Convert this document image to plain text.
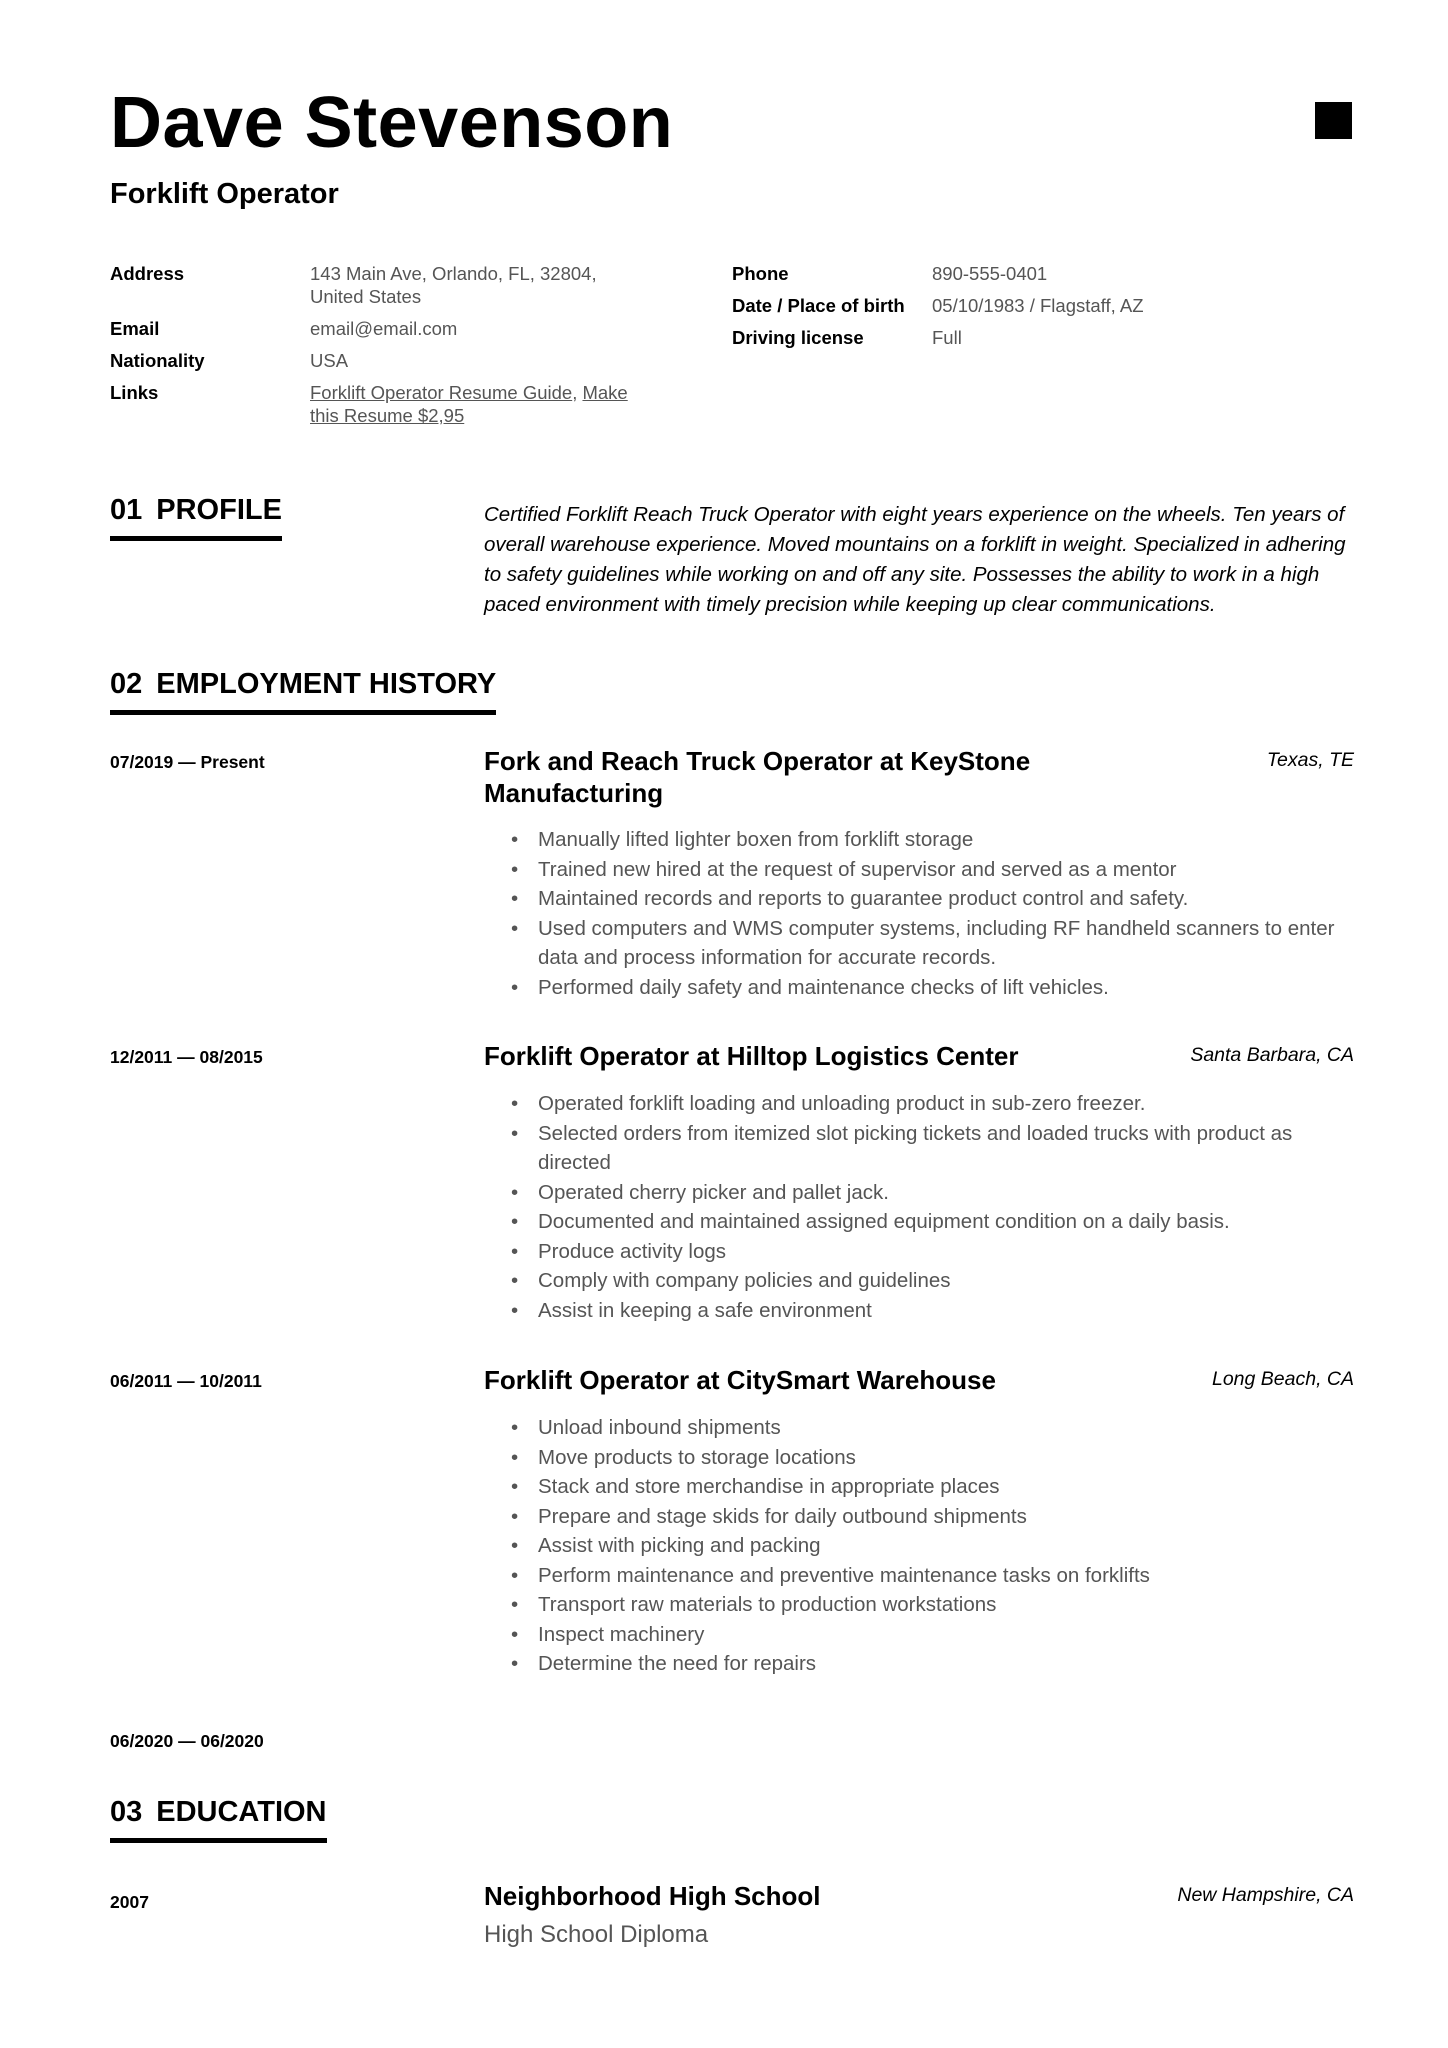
Dave Stevenson
Forklift Operator
Address	143 Main Ave, Orlando, FL, 32804, United States
Email	email@email.com
Nationality	USA
Links	Forklift Operator Resume Guide, Make this Resume $2,95
Phone	890-555-0401
Date / Place of birth	05/10/1983 / Flagstaff, AZ
Driving license	Full
01 PROFILE	Certified Forklift Reach Truck Operator with eight years experience on the wheels. Ten years of overall warehouse experience. Moved mountains on a forklift in weight. Specialized in adhering to safety guidelines while working on and off any site. Possesses the ability to work in a high paced environment with timely precision while keeping up clear communications.
02 EMPLOYMENT HISTORY
07/2019 — Present	Fork and Reach Truck Operator at KeyStone Manufacturing
Texas, TE
• Manually lifted lighter boxen from forklift storage
• Trained new hired at the request of supervisor and served as a mentor
• Maintained records and reports to guarantee product control and safety.
• Used computers and WMS computer systems, including RF handheld scanners to enter data and process information for accurate records.
• Performed daily safety and maintenance checks of lift vehicles.
12/2011 — 08/2015	Forklift Operator at Hilltop Logistics Center	Santa Barbara, CA
• Operated forklift loading and unloading product in sub-zero freezer.
• Selected orders from itemized slot picking tickets and loaded trucks with product as directed
• Operated cherry picker and pallet jack.
• Documented and maintained assigned equipment condition on a daily basis.
• Produce activity logs
• Comply with company policies and guidelines
• Assist in keeping a safe environment
06/2011 — 10/2011	Forklift Operator at CitySmart Warehouse	Long Beach, CA
• Unload inbound shipments
• Move products to storage locations
• Stack and store merchandise in appropriate places
• Prepare and stage skids for daily outbound shipments
• Assist with picking and packing
• Perform maintenance and preventive maintenance tasks on forklifts
• Transport raw materials to production workstations
• Inspect machinery
• Determine the need for repairs
06/2020 — 06/2020
03 EDUCATION
2007	Neighborhood High School	New Hampshire, CA
High School Diploma
